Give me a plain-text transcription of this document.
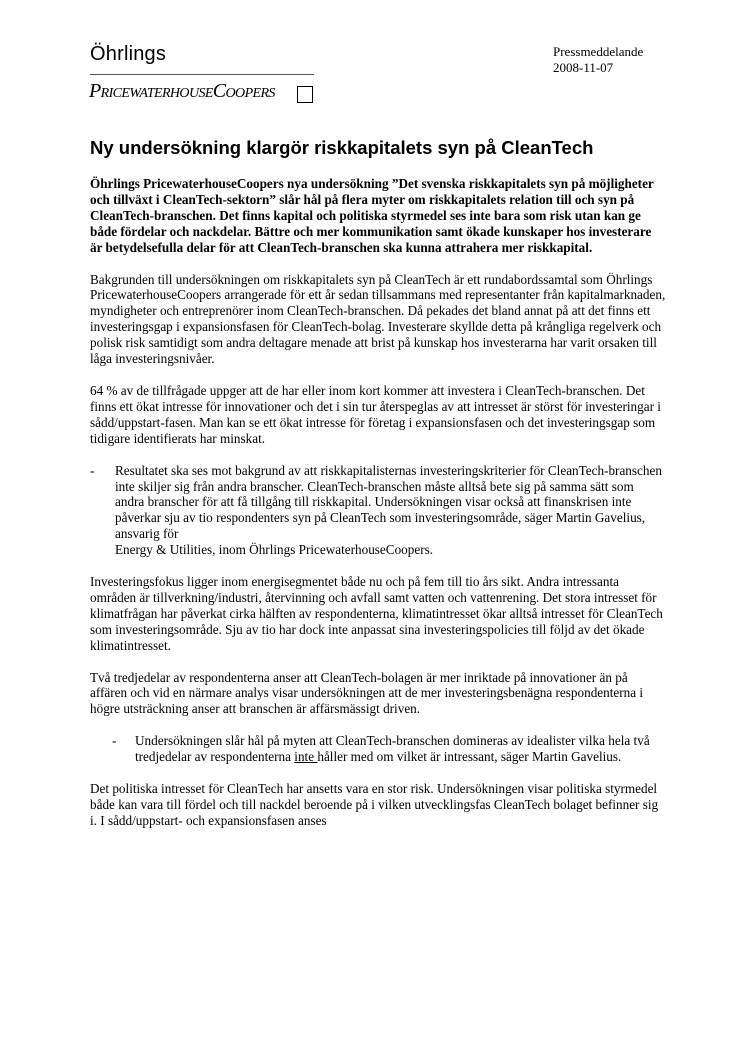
Öhrlings
PricewaterhouseCoopers
Pressmeddelande
2008-11-07
Ny undersökning klargör riskkapitalets syn på CleanTech

Öhrlings PricewaterhouseCoopers nya undersökning ”Det svenska riskkapitalets syn på möjligheter och tillväxt i CleanTech-sektorn” slår hål på flera myter om riskkapitalets relation till och syn på CleanTech-branschen. Det finns kapital och politiska styrmedel ses inte bara som risk utan kan ge både fördelar och nackdelar. Bättre och mer kommunikation samt ökade kunskaper hos investerare är betydelsefulla delar för att CleanTech-branschen ska kunna attrahera mer riskkapital.

Bakgrunden till undersökningen om riskkapitalets syn på CleanTech är ett rundabordssamtal som Öhrlings PricewaterhouseCoopers arrangerade för ett år sedan tillsammans med representanter från kapitalmarknaden, myndigheter och entreprenörer inom CleanTech-branschen. Då pekades det bland annat på att det finns ett investeringsgap i expansionsfasen för CleanTech-bolag. Investerare skyllde detta på krångliga regelverk och polisk risk samtidigt som andra deltagare menade att brist på kunskap hos investerarna har varit orsaken till låga investeringsnivåer.

64 % av de tillfrågade uppger att de har eller inom kort kommer att investera i CleanTech-branschen. Det finns ett ökat intresse för innovationer och det i sin tur återspeglas av att intresset är störst för investeringar i sådd/uppstart-fasen. Man kan se ett ökat intresse för företag i expansionsfasen och det investeringsgap som tidigare identifierats har minskat.

- Resultatet ska ses mot bakgrund av att riskkapitalisternas investeringskriterier för CleanTech-branschen inte skiljer sig från andra branscher. CleanTech-branschen måste alltså bete sig på samma sätt som andra branscher för att få tillgång till riskkapital. Undersökningen visar också att finanskrisen inte påverkar sju av tio respondenters syn på CleanTech som investeringsområde, säger Martin Gavelius, ansvarig för
Energy & Utilities, inom Öhrlings PricewaterhouseCoopers.

Investeringsfokus ligger inom energisegmentet både nu och på fem till tio års sikt. Andra intressanta områden är tillverkning/industri, återvinning och avfall samt vatten och vattenrening. Det stora intresset för klimatfrågan har påverkat cirka hälften av respondenterna, klimatintresset ökar alltså intresset för CleanTech som investeringsområde. Sju av tio har dock inte anpassat sina investeringspolicies till följd av det ökade klimatintresset.

Två tredjedelar av respondenterna anser att CleanTech-bolagen är mer inriktade på innovationer än på affären och vid en närmare analys visar undersökningen att de mer investeringsbenägna respondenterna i högre utsträckning anser att branschen är affärsmässigt driven.

- Undersökningen slår hål på myten att CleanTech-branschen domineras av idealister vilka hela två tredjedelar av respondenterna inte håller med om vilket är intressant, säger Martin Gavelius.

Det politiska intresset för CleanTech har ansetts vara en stor risk. Undersökningen visar politiska styrmedel både kan vara till fördel och till nackdel beroende på i vilken utvecklingsfas CleanTech bolaget befinner sig i. I sådd/uppstart- och expansionsfasen anses
